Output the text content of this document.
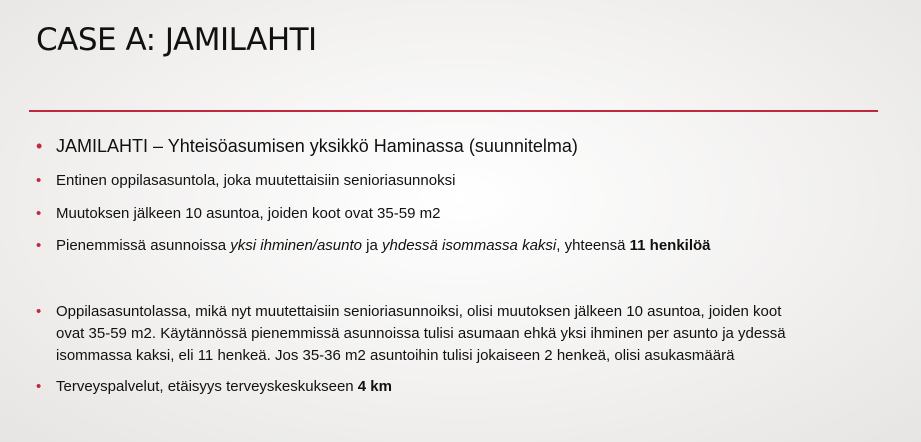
CASE A: JAMILAHTI
• JAMILAHTI – Yhteisöasumisen yksikkö Haminassa (suunnitelma)
• Entinen oppilasasuntola, joka muutettaisiin senioriasunnoksi
• Muutoksen jälkeen 10 asuntoa, joiden koot ovat 35-59 m2
• Pienemmissä asunnoissa yksi ihminen/asunto ja yhdessä isommassa kaksi, yhteensä 11 henkilöä
• Oppilasasuntolassa, mikä nyt muutettaisiin senioriasunnoiksi, olisi muutoksen jälkeen 10 asuntoa, joiden koot
ovat 35-59 m2. Käytännössä pienemmissä asunnoissa tulisi asumaan ehkä yksi ihminen per asunto ja ydessä
isommassa kaksi, eli 11 henkeä. Jos 35-36 m2 asuntoihin tulisi jokaiseen 2 henkeä, olisi asukasmäärä
• Terveyspalvelut, etäisyys terveyskeskukseen 4 km
